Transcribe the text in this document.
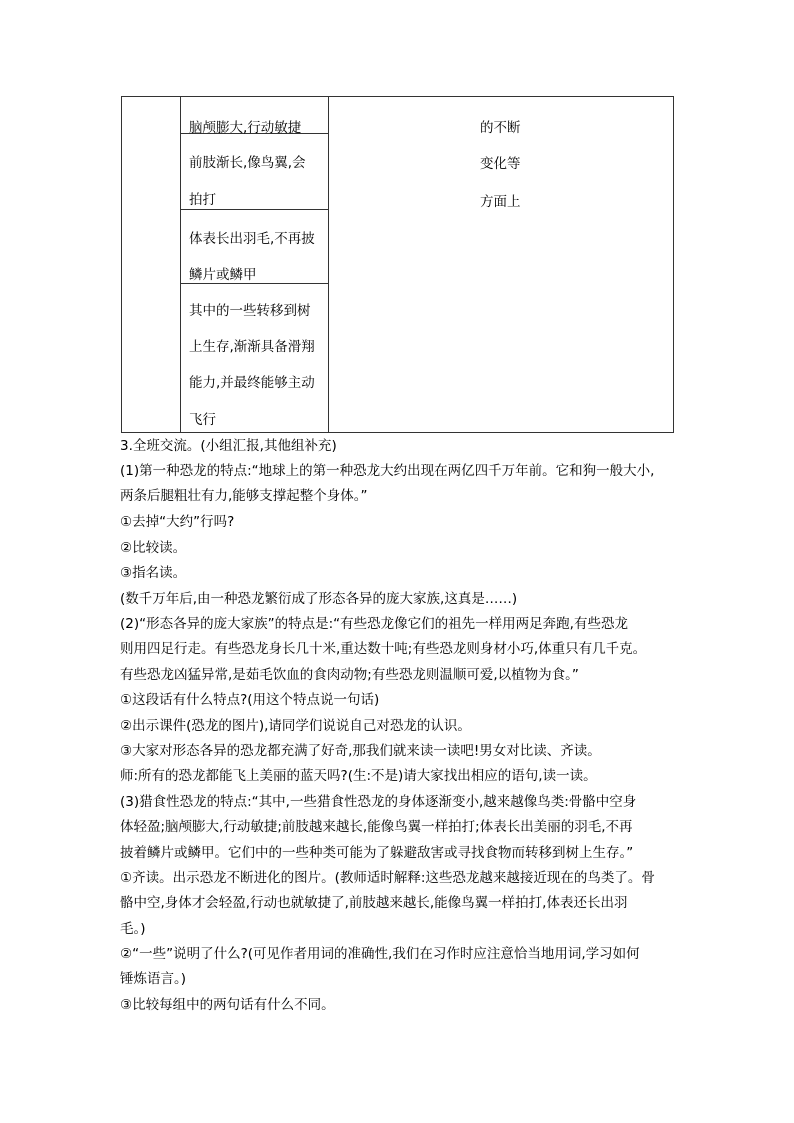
脑颅膨大,行动敏捷
前肢渐长,像鸟翼,会
拍打
体表长出羽毛,不再披
鳞片或鳞甲
其中的一些转移到树
上生存,渐渐具备滑翔
能力,并最终能够主动
飞行
的不断
变化等
方面上
3.全班交流。(小组汇报,其他组补充)
(1)第一种恐龙的特点:“地球上的第一种恐龙大约出现在两亿四千万年前。它和狗一般大小,
两条后腿粗壮有力,能够支撑起整个身体。”
①去掉“大约”行吗?
②比较读。
③指名读。
(数千万年后,由一种恐龙繁衍成了形态各异的庞大家族,这真是……)
(2)“形态各异的庞大家族”的特点是:“有些恐龙像它们的祖先一样用两足奔跑,有些恐龙
则用四足行走。有些恐龙身长几十米,重达数十吨;有些恐龙则身材小巧,体重只有几千克。
有些恐龙凶猛异常,是茹毛饮血的食肉动物;有些恐龙则温顺可爱,以植物为食。”
①这段话有什么特点?(用这个特点说一句话)
②出示课件(恐龙的图片),请同学们说说自己对恐龙的认识。
③大家对形态各异的恐龙都充满了好奇,那我们就来读一读吧!男女对比读、齐读。
师:所有的恐龙都能飞上美丽的蓝天吗?(生:不是)请大家找出相应的语句,读一读。
(3)猎食性恐龙的特点:“其中,一些猎食性恐龙的身体逐渐变小,越来越像鸟类:骨骼中空身
体轻盈;脑颅膨大,行动敏捷;前肢越来越长,能像鸟翼一样拍打;体表长出美丽的羽毛,不再
披着鳞片或鳞甲。它们中的一些种类可能为了躲避敌害或寻找食物而转移到树上生存。”
①齐读。出示恐龙不断进化的图片。(教师适时解释:这些恐龙越来越接近现在的鸟类了。骨
骼中空,身体才会轻盈,行动也就敏捷了,前肢越来越长,能像鸟翼一样拍打,体表还长出羽
毛。)
②“一些”说明了什么?(可见作者用词的准确性,我们在习作时应注意恰当地用词,学习如何
锤炼语言。)
③比较每组中的两句话有什么不同。
